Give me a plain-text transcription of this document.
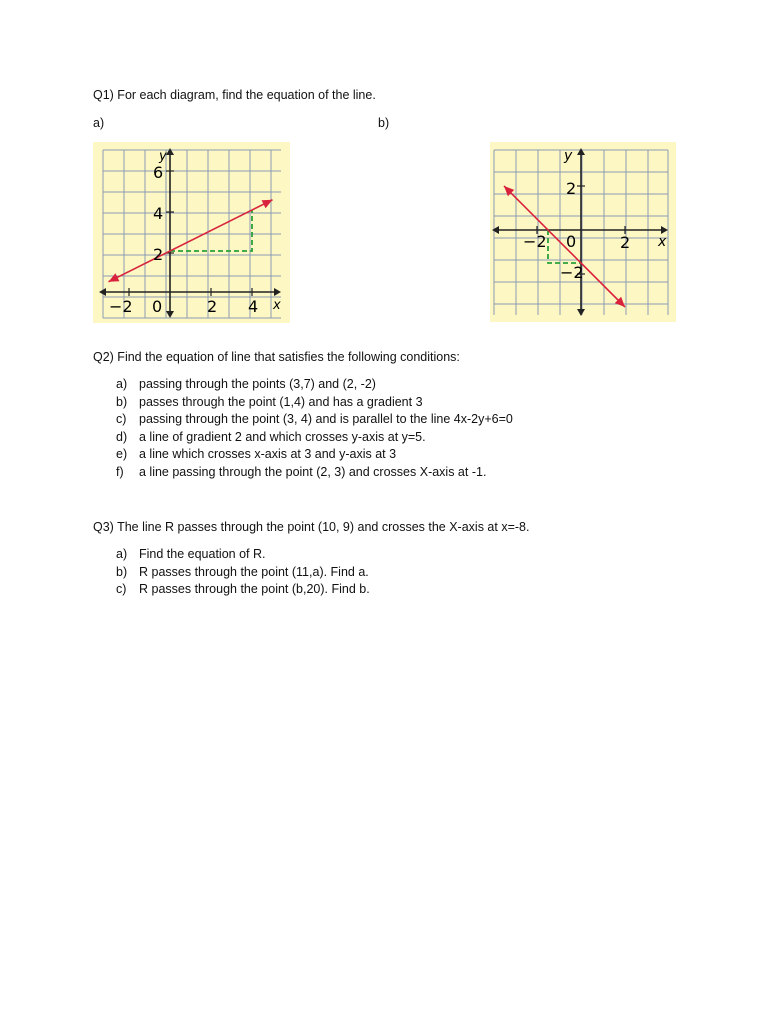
Q1) For each diagram, find the equation of the line.
a)	b)
y
x
−2 0	2 4
2
4
6
y
x
−2 0	2
2
−2
Q2) Find the equation of line that satisfies the following conditions:
a) passing through the points (3,7) and (2, -2)
b) passes through the point (1,4) and has a gradient 3
c) passing through the point (3, 4) and is parallel to the line 4x-2y+6=0
d) a line of gradient 2 and which crosses y-axis at y=5.
e) a line which crosses x-axis at 3 and y-axis at 3
f) a line passing through the point (2, 3) and crosses X-axis at -1.
Q3) The line R passes through the point (10, 9) and crosses the X-axis at x=-8.
a) Find the equation of R.
b) R passes through the point (11,a). Find a.
c) R passes through the point (b,20). Find b.
